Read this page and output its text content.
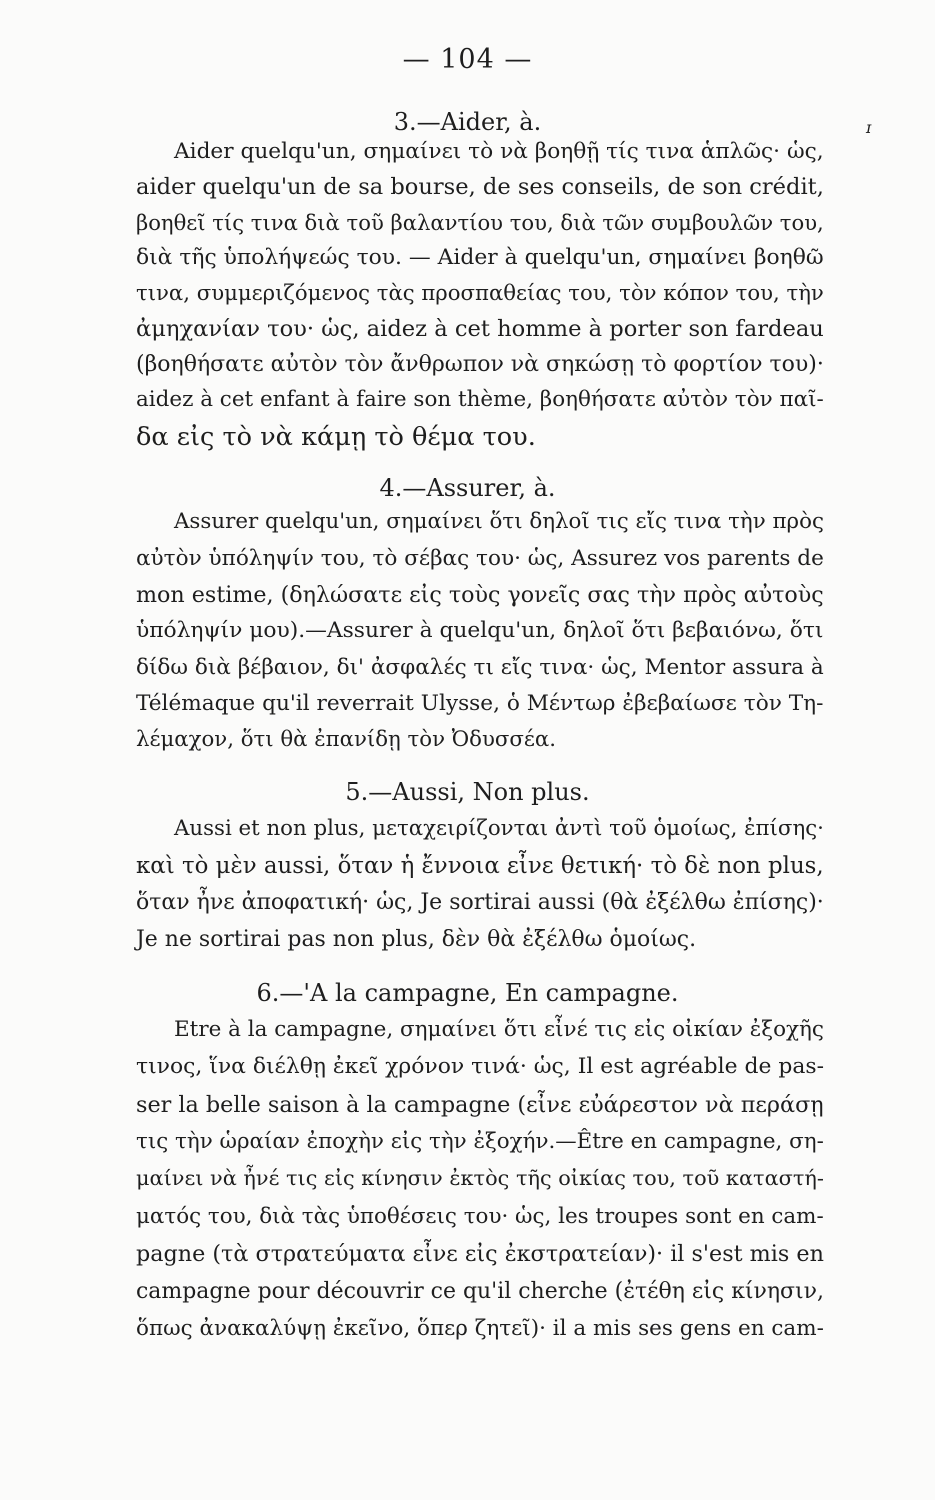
— 104 —
ɪ
3.—Aider, à.
Aider quelqu'un, σημαίνει τὸ νὰ βοηθῇ τίς τινα ἁπλῶς· ὡς,
aider quelqu'un de sa bourse, de ses conseils, de son crédit,
βοηθεῖ τίς τινα διὰ τοῦ βαλαντίου του, διὰ τῶν συμβουλῶν του,
διὰ τῆς ὑπολήψεώς του. — Aider à quelqu'un, σημαίνει βοηθῶ
τινα, συμμεριζόμενος τὰς προσπαθείας του, τὸν κόπον του, τὴν
ἀμηχανίαν του· ὡς, aidez à cet homme à porter son fardeau
(βοηθήσατε αὐτὸν τὸν ἄνθρωπον νὰ σηκώσῃ τὸ φορτίον του)·
aidez à cet enfant à faire son thème, βοηθήσατε αὐτὸν τὸν παῖ-
δα εἰς τὸ νὰ κάμῃ τὸ θέμα του.
4.—Assurer, à.
Assurer quelqu'un, σημαίνει ὅτι δηλοῖ τις εἴς τινα τὴν πρὸς
αὐτὸν ὑπόληψίν του, τὸ σέβας του· ὡς, Assurez vos parents de
mon estime, (δηλώσατε εἰς τοὺς γονεῖς σας τὴν πρὸς αὐτοὺς
ὑπόληψίν μου).—Assurer à quelqu'un, δηλοῖ ὅτι βεβαιόνω, ὅτι
δίδω διὰ βέβαιον, δι' ἀσφαλές τι εἴς τινα· ὡς, Mentor assura à
Télémaque qu'il reverrait Ulysse, ὁ Μέντωρ ἐβεβαίωσε τὸν Τη-
λέμαχον, ὅτι θὰ ἐπανίδῃ τὸν Ὀδυσσέα.
5.—Aussi, Non plus.
Aussi et non plus, μεταχειρίζονται ἀντὶ τοῦ ὁμοίως, ἐπίσης·
καὶ τὸ μὲν aussi, ὅταν ἡ ἔννοια εἶνε θετική· τὸ δὲ non plus,
ὅταν ἦνε ἀποφατική· ὡς, Je sortirai aussi (θὰ ἐξέλθω ἐπίσης)·
Je ne sortirai pas non plus, δὲν θὰ ἐξέλθω ὁμοίως.
6.—'A la campagne, En campagne.
Etre à la campagne, σημαίνει ὅτι εἶνέ τις εἰς οἰκίαν ἐξοχῆς
τινος, ἵνα διέλθῃ ἐκεῖ χρόνον τινά· ὡς, Il est agréable de pas-
ser la belle saison à la campagne (εἶνε εὐάρεστον νὰ περάσῃ
τις τὴν ὡραίαν ἐποχὴν εἰς τὴν ἐξοχήν.—Être en campagne, ση-
μαίνει νὰ ἦνέ τις εἰς κίνησιν ἐκτὸς τῆς οἰκίας του, τοῦ καταστή-
ματός του, διὰ τὰς ὑποθέσεις του· ὡς, les troupes sont en cam-
pagne (τὰ στρατεύματα εἶνε εἰς ἐκστρατείαν)· il s'est mis en
campagne pour découvrir ce qu'il cherche (ἐτέθη εἰς κίνησιν,
ὅπως ἀνακαλύψῃ ἐκεῖνο, ὅπερ ζητεῖ)· il a mis ses gens en cam-
